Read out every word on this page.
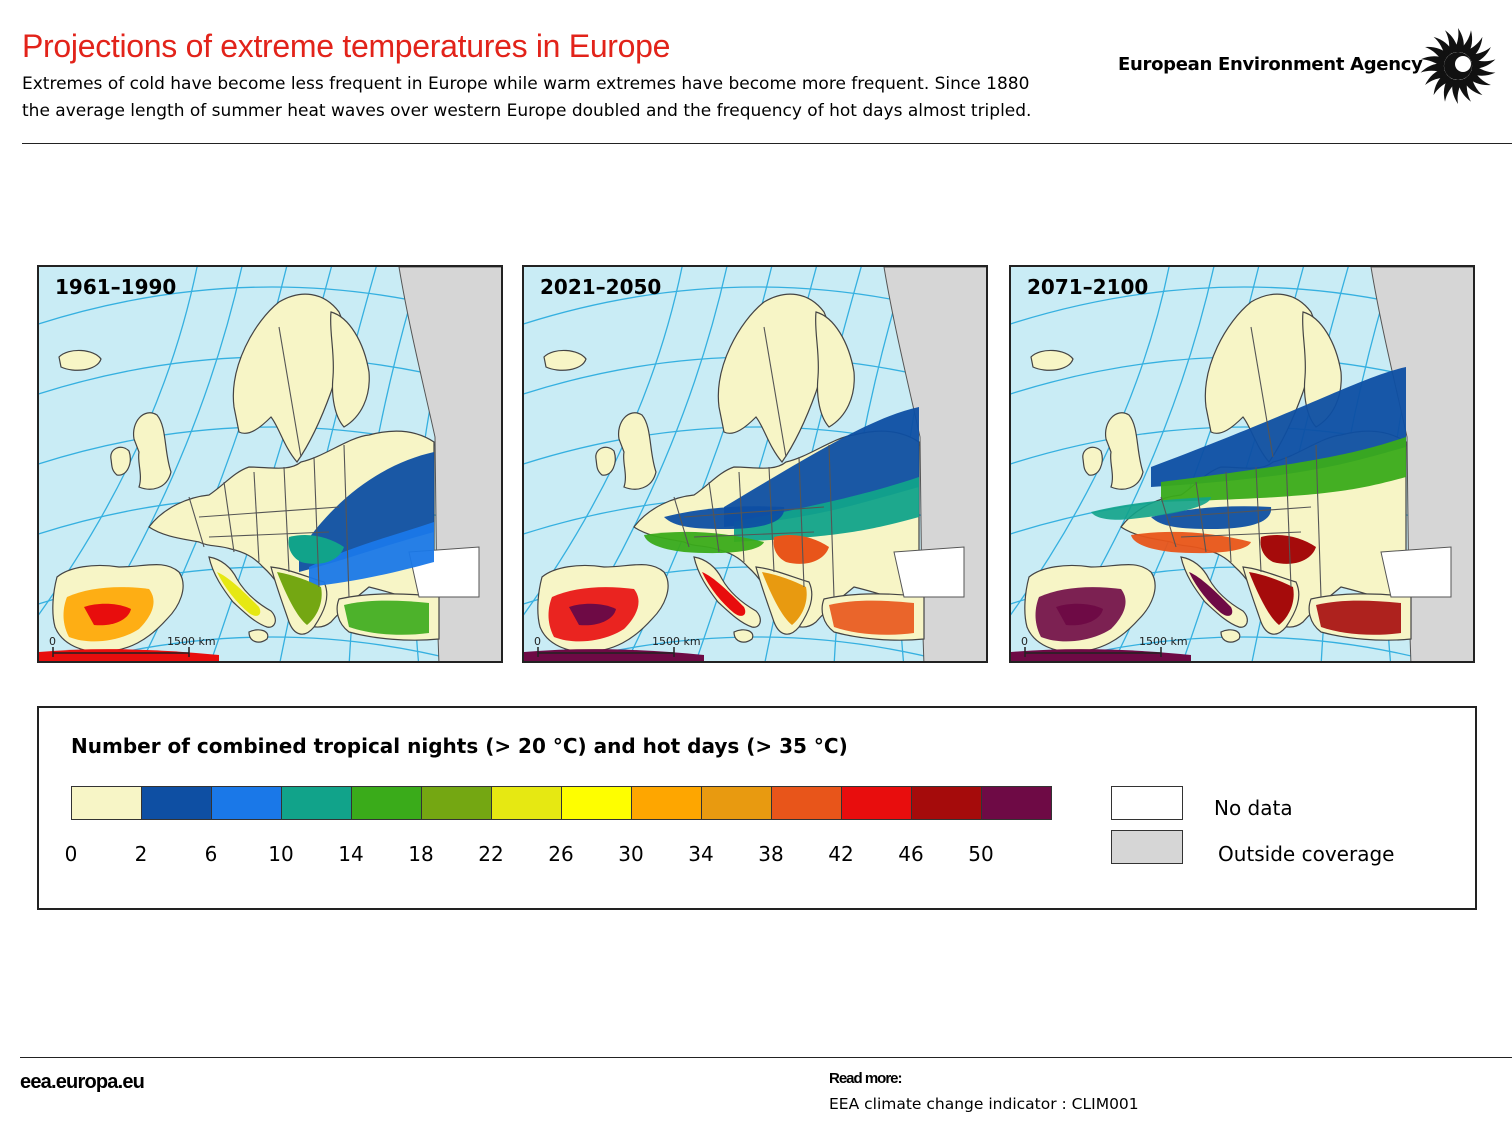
Projections of extreme temperatures in Europe

Extremes of cold have become less frequent in Europe while warm extremes have become more frequent. Since 1880 the average length of summer heat waves over western Europe doubled and the frequency of hot days almost tripled.

European Environment Agency
0	1500 km
1961–1990
0	1500 km
2021–2050
0	1500 km
2071–2100
Number of combined tropical nights (> 20 °C) and hot days (> 35 °C)
0	2	6	10 14 18 22 26 30 34 38 42 46 50
No data
Outside coverage
eea.europa.eu	Read more:
EEA climate change indicator : CLIM001
